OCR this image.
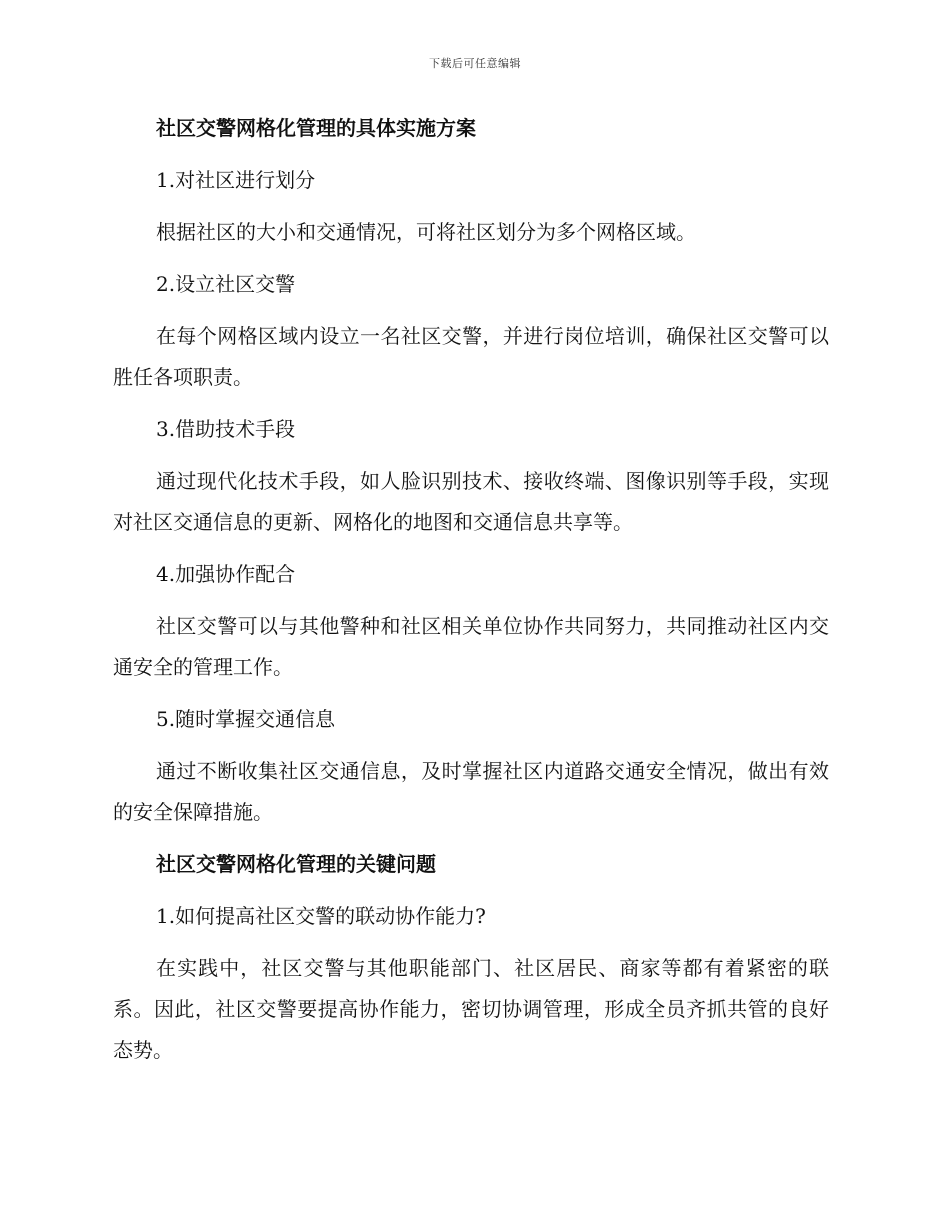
下载后可任意编辑

社区交警网格化管理的具体实施方案

1.对社区进行划分

根据社区的大小和交通情况，可将社区划分为多个网格区域。

2.设立社区交警

在每个网格区域内设立一名社区交警，并进行岗位培训，确保社区交警可以胜任各项职责。

3.借助技术手段

通过现代化技术手段，如人脸识别技术、接收终端、图像识别等手段，实现对社区交通信息的更新、网格化的地图和交通信息共享等。

4.加强协作配合

社区交警可以与其他警种和社区相关单位协作共同努力，共同推动社区内交通安全的管理工作。

5.随时掌握交通信息

通过不断收集社区交通信息，及时掌握社区内道路交通安全情况，做出有效的安全保障措施。

社区交警网格化管理的关键问题

1.如何提高社区交警的联动协作能力?

在实践中，社区交警与其他职能部门、社区居民、商家等都有着紧密的联系。因此，社区交警要提高协作能力，密切协调管理，形成全员齐抓共管的良好态势。
